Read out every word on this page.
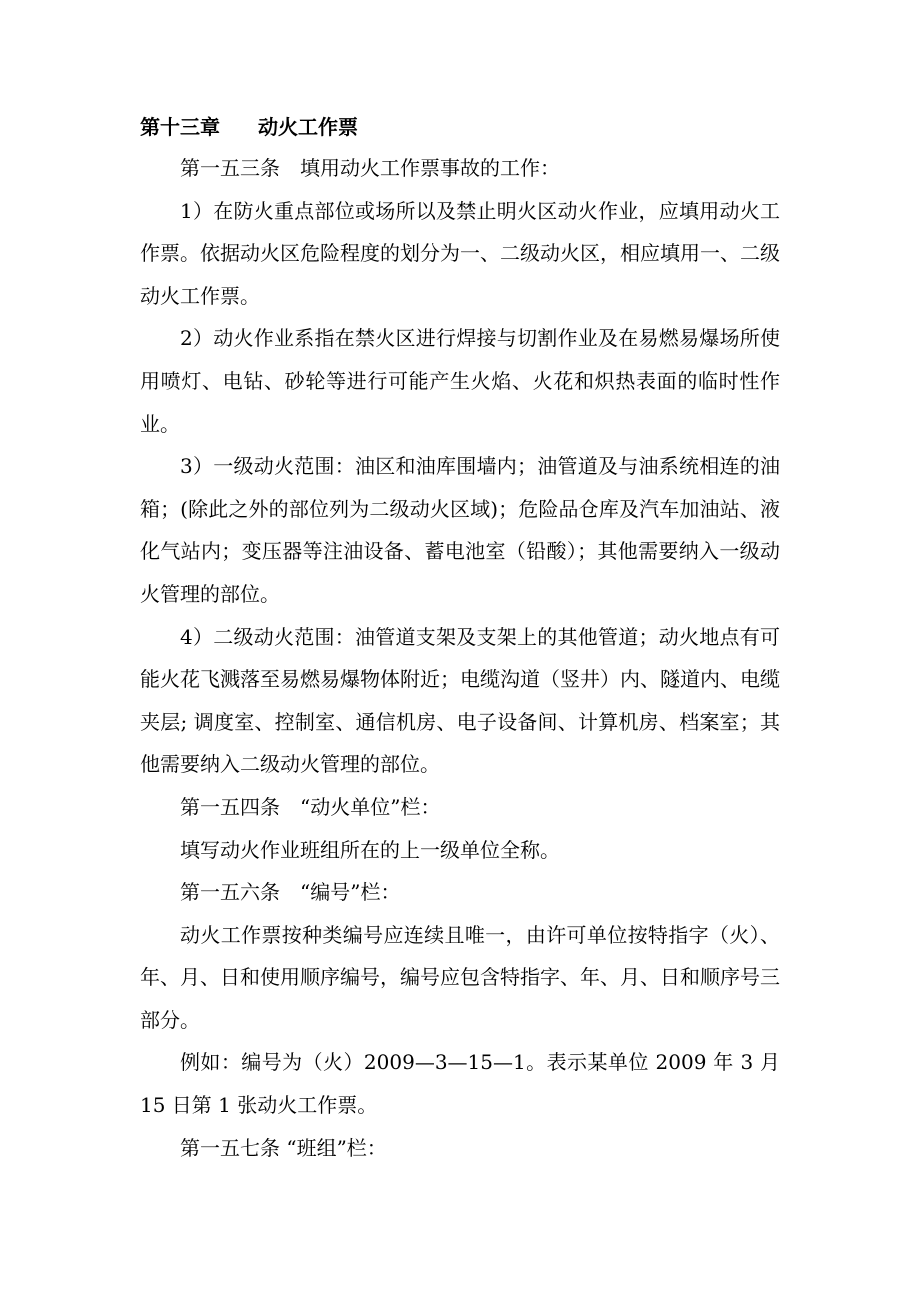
第十三章 动火工作票

第一五三条　填用动火工作票事故的工作：

1）在防火重点部位或场所以及禁止明火区动火作业，应填用动火工作票。依据动火区危险程度的划分为一、二级动火区，相应填用一、二级动火工作票。

2）动火作业系指在禁火区进行焊接与切割作业及在易燃易爆场所使用喷灯、电钻、砂轮等进行可能产生火焰、火花和炽热表面的临时性作业。

3）一级动火范围：油区和油库围墙内；油管道及与油系统相连的油箱；(除此之外的部位列为二级动火区域)；危险品仓库及汽车加油站、液化气站内；变压器等注油设备、蓄电池室（铅酸）；其他需要纳入一级动火管理的部位。

4）二级动火范围：油管道支架及支架上的其他管道；动火地点有可能火花飞溅落至易燃易爆物体附近；电缆沟道（竖井）内、隧道内、电缆夹层; 调度室、控制室、通信机房、电子设备间、计算机房、档案室；其他需要纳入二级动火管理的部位。

第一五四条　“动火单位”栏：

填写动火作业班组所在的上一级单位全称。

第一五六条　“编号”栏：

动火工作票按种类编号应连续且唯一，由许可单位按特指字（火）、年、月、日和使用顺序编号，编号应包含特指字、年、月、日和顺序号三部分。

例如：编号为（火）2009—3—15—1。表示某单位 2009 年 3 月 15 日第 1 张动火工作票。

第一五七条 “班组”栏：
